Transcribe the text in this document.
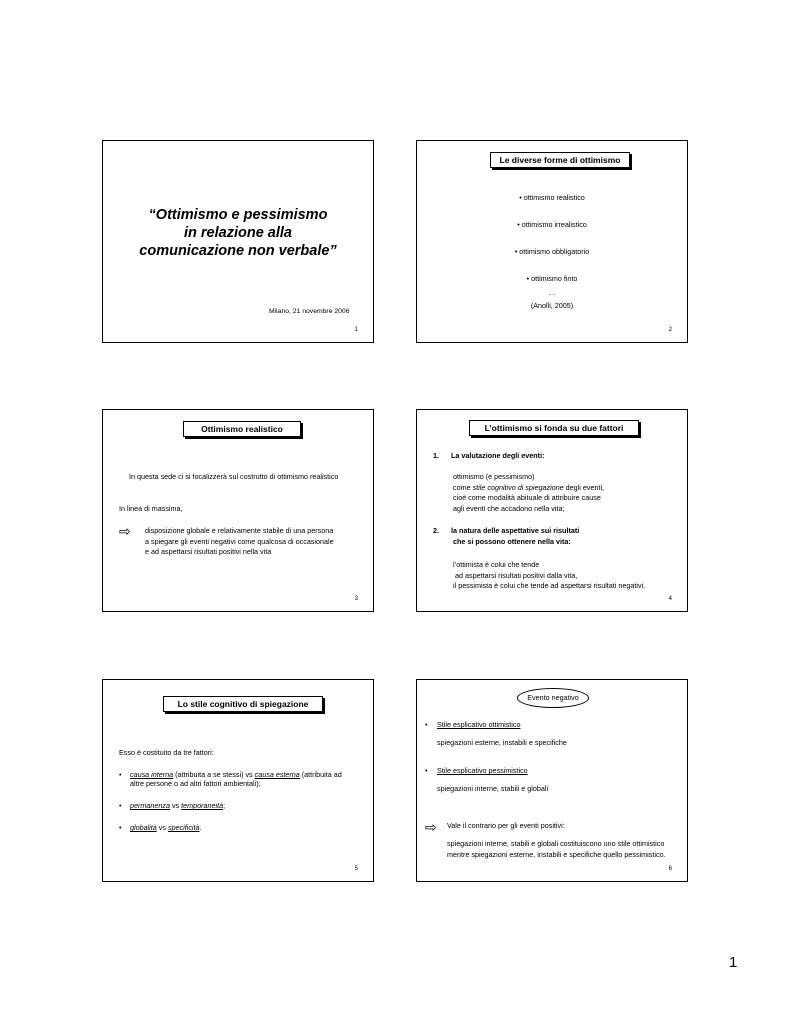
“Ottimismo e pessimismo
in relazione alla
comunicazione non verbale”
Milano, 21 novembre 2006
1
Le diverse forme di ottimismo
• ottimismo realistico
• ottimismo irrealistico
• ottimismo obbligatorio
• ottimismo finto
…
(Anolli, 2005)
2
Ottimismo realistico
In questa sede ci si focalizzerà sul costrutto di ottimismo realistico
In linea di massima,
⇨ disposizione globale e relativamente stabile di una persona
a spiegare gli eventi negativi come qualcosa di occasionale
e ad aspettarsi risultati positivi nella vita
3
L’ottimismo si fonda su due fattori
1. La valutazione degli eventi:
ottimismo (e pessimismo)
come stile cognitivo di spiegazione degli eventi,
cioè come modalità abituale di attribuire cause
agli eventi che accadono nella vita;
2. la natura delle aspettative sui risultati
che si possono ottenere nella vita:
l’ottimista è colui che tende
ad aspettarsi risultati positivi dalla vita,
il pessimista è colui che tende ad aspettarsi risultati negativi.
4
Lo stile cognitivo di spiegazione
Esso è costituito da tre fattori:
• causa interna (attribuita a se stessi) vs causa esterna (attribuita ad
altre persone o ad altri fattori ambientali);
• permanenza vs temporaneità;
• globalità vs specificità.
5
Evento negativo
• Stile esplicativo ottimistico
spiegazioni esterne, instabili e specifiche
• Stile esplicativo pessimistico
spiegazioni interne, stabili e globali
⇨ Vale il contrario per gli eventi positivi:
spiegazioni interne, stabili e globali costituiscono uno stile ottimistico
mentre spiegazioni esterne, instabili e specifiche quello pessimistico.
6
1
